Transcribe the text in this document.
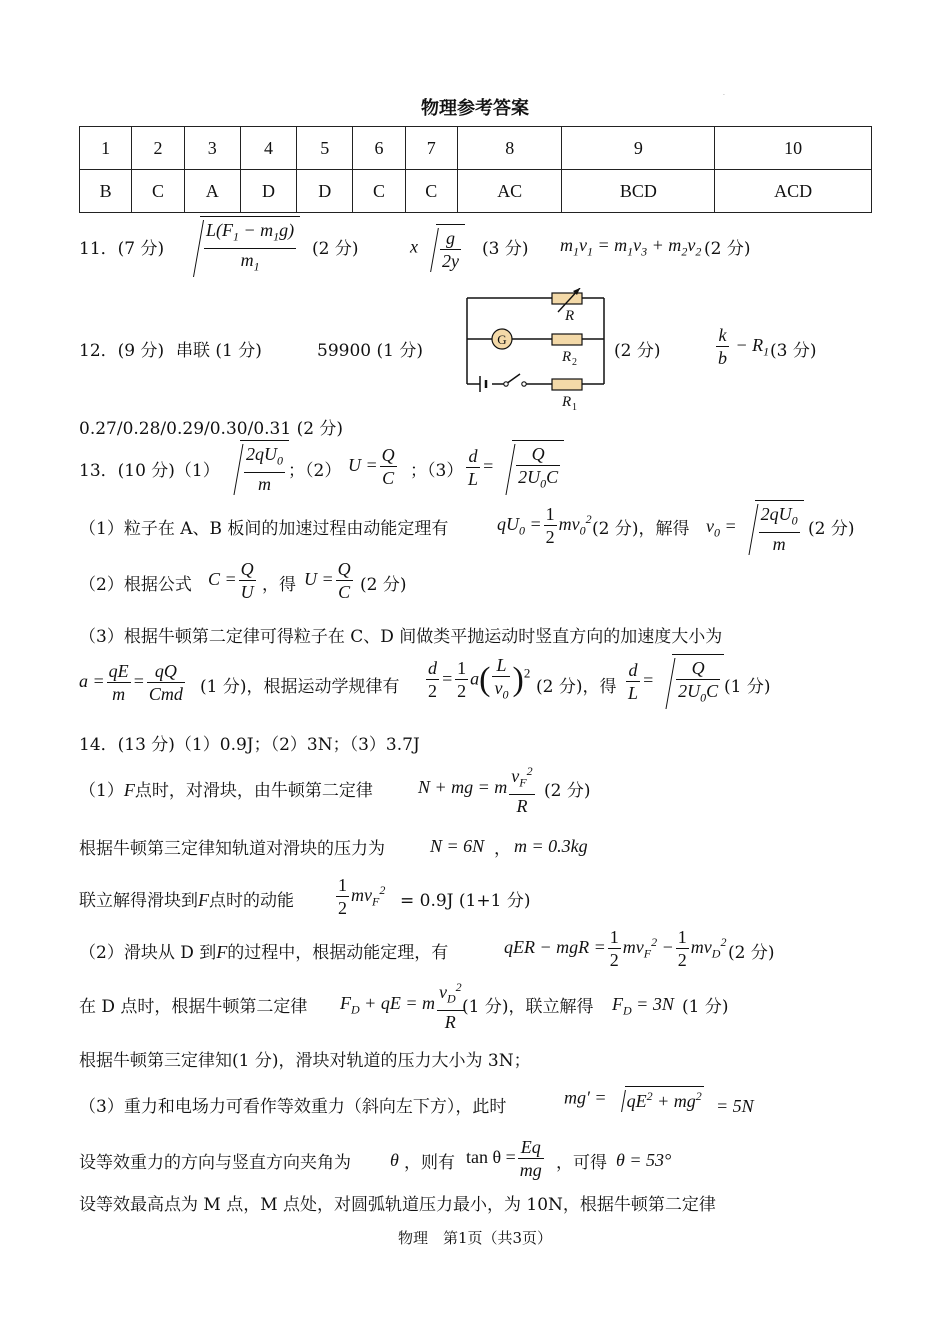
物理参考答案
·
1	2	3	4	5	6	7	8	9	10
B	C	A	D	D	C	C	AC	BCD	ACD
11．(7 分) $\frac{L(F_1 - m_1g)}{m_1} (2$ 分)	x $\frac{g}{2y} (3$ 分) $m_1v_1 = m_1v_3 + m_2v_2$ (2 分)
12．(9 分) 串联 (1 分)	59900 (1 分)
G
R
R 2
R 1
(2 分)	$\frac{k}{b} - R_1$ (3 分)
0.27/0.28/0.29/0.30/0.31 (2 分)
13．(10 分)$(1) \frac{2qU_0}{m}$ ；（2） $U = \frac{Q}{C}$ ；$(3) \frac{d}{L} = \frac{Q}{2U_0C}$
（1）粒子在 A、B 板间的加速过程由动能定理有	$qU_0 = \frac{1}{2} mv_0^2$ (2 分)，解得 $v_0 = \frac{2qU_0}{m} (2$ 分)
（2）根据公式 $C = \frac{Q}{U}$ ，得 $U = \frac{Q}{C} (2$ 分)
（3）根据牛顿第二定律可得粒子在 C、D 间做类平抛运动时竖直方向的加速度大小为
$a = \frac{qE}{m} = \frac{qQ}{\text{Cmd}} (1$ 分)，根据运动学规律有 $\frac{d}{2} = \frac{1}{2} a( \frac{L}{v_0} )^2$
(2 分)，得 $\frac{d}{L} = \frac{Q}{2U_0C} (1$ 分)
14．(13 分)（1）0.9J；（2）3N；（3）3.7J
（1）F点时，对滑块，由牛顿第二定律	N + mg = m $\frac{v_F^2}{R} (2$ 分)
根据牛顿第三定律知轨道对滑块的压力为	N = 6N ， m = 0.3kg
联立解得滑块到F点时的动能 $\frac{1}{2} mv_F^2$
= 0.9J (1+1 分)
（2）滑块从 D 到F的过程中，根据动能定理，有	qER − mgR = $\frac{1}{2} mv_F^2 - \frac{1}{2} mv_D^2$
(2 分)
在 D 点时，根据牛顿第二定律 $F_D$ + qE = m $\frac{v_D^2}{R}$
(1 分)，联立解得 $F_D = 3N$ (1 分)
根据牛顿第三定律知(1 分)，滑块对轨道的压力大小为 3N；
（3）重力和电场力可看作等效重力（斜向左下方），此时	$mg' = qE^2 + mg^2 = 5N$
设等效重力的方向与竖直方向夹角为 θ ，则有 $\tan \theta = \frac{Eq}{mg}$ ，可得 θ = 53°
设等效最高点为 M 点，M 点处，对圆弧轨道压力最小，为 10N，根据牛顿第二定律
物理　第1页（共3页）
